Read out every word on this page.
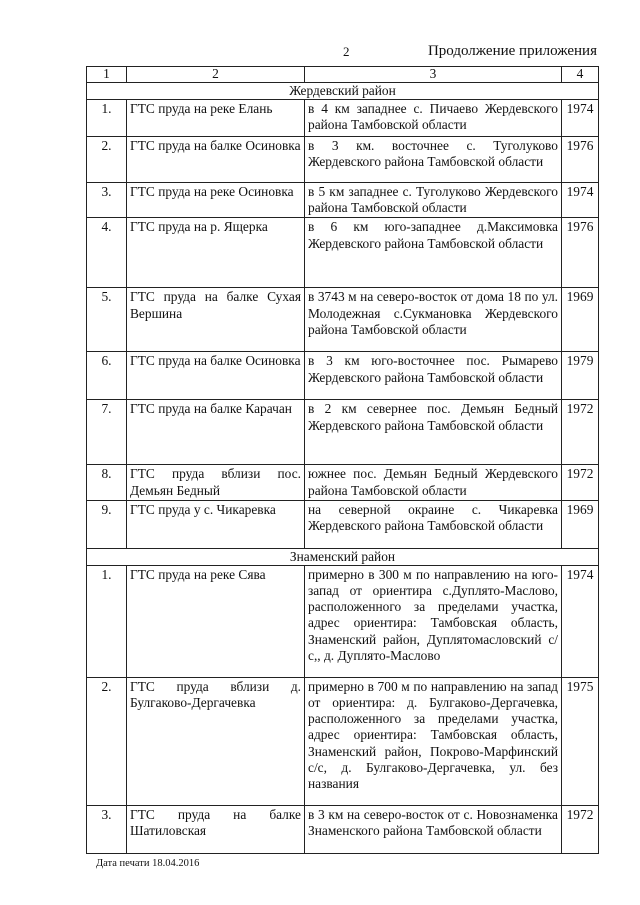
2	Продолжение приложения
1	2	3	4
Жердевский район			
1.	ГТС пруда на реке Елань	в 4 км западнее с. Пичаево Жердевского района Тамбовской области	1974
2.	ГТС пруда на балке Осиновка	в 3 км. восточнее с. Туголуково Жердевского района Тамбовской области	1976
3.	ГТС пруда на реке Осиновка	в 5 км западнее с. Туголуково Жердевского района Тамбовской области	1974
4.	ГТС пруда на р. Ящерка	в 6 км юго-западнее д.Максимовка Жердевского района Тамбовской области	1976
5.	ГТС пруда на балке Сухая Вершина	в 3743 м на северо-восток от дома 18 по ул. Молодежная с.Сукмановка Жердевского района Тамбовской области	1969
6.	ГТС пруда на балке Осиновка	в 3 км юго-восточнее пос. Рымарево Жердевского района Тамбовской области	1979
7.	ГТС пруда на балке Карачан	в 2 км севернее пос. Демьян Бедный Жердевского района Тамбовской области	1972
8.	ГТС пруда вблизи пос. Демьян Бедный	южнее пос. Демьян Бедный Жердевского района Тамбовской области	1972
9.	ГТС пруда у с. Чикаревка	на северной окраине с. Чикаревка Жердевского района Тамбовской области	1969
Знаменский район			
1.	ГТС пруда на реке Сява	примерно в 300 м по направлению на юго-запад от ориентира с.Дуплято-Маслово, расположенного за пределами участка, адрес ориентира: Тамбовская область, Знаменский район, Дуплятомасловский с/с,, д. Дуплято-Маслово	1974
2.	ГТС пруда вблизи д. Булгаково-Дергачевка	примерно в 700 м по направлению на запад от ориентира: д. Булгаково-Дергачевка, расположенного за пределами участка, адрес ориентира: Тамбовская область, Знаменский район, Покрово-Марфинский с/с, д. Булгаково-Дергачевка, ул. без названия	1975
3.	ГТС пруда на балке Шатиловская	в 3 км на северо-восток от с. Новознаменка Знаменского района Тамбовской области	1972
Дата печати 18.04.2016
